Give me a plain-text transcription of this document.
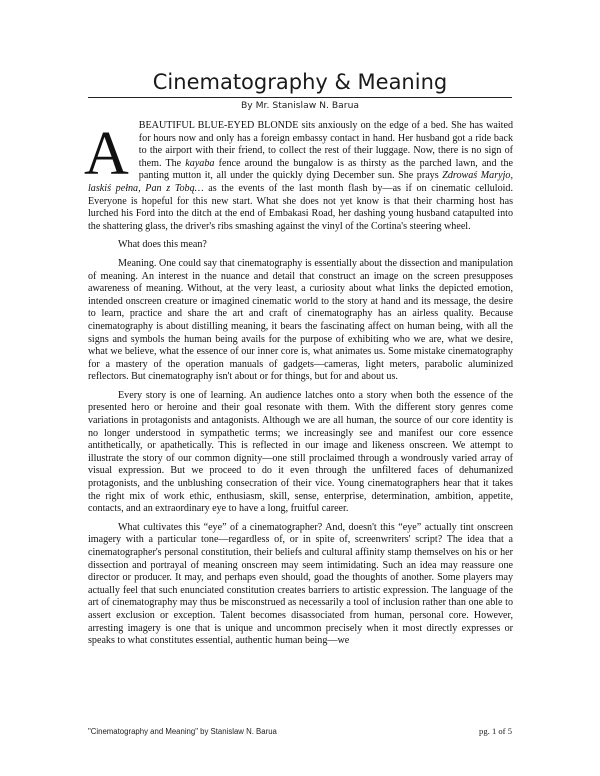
Cinematography & Meaning
By Mr. Stanislaw N. Barua

ABEAUTIFUL BLUE-EYED BLONDE sits anxiously on the edge of a bed. She has waited for hours now and only has a foreign embassy contact in hand. Her husband got a ride back to the airport with their friend, to collect the rest of their luggage. Now, there is no sign of them. The kayaba fence around the bungalow is as thirsty as the parched lawn, and the panting mutton it, all under the quickly dying December sun. She prays Zdrowaś Maryjo, laskiś pełna, Pan z Tobą… as the events of the last month flash by—as if on cinematic celluloid. Everyone is hopeful for this new start. What she does not yet know is that their charming host has lurched his Ford into the ditch at the end of Embakasi Road, her dashing young husband catapulted into the shattering glass, the driver's ribs smashing against the vinyl of the Cortina's steering wheel.

What does this mean?

Meaning. One could say that cinematography is essentially about the dissection and manipulation of meaning. An interest in the nuance and detail that construct an image on the screen presupposes awareness of meaning. Without, at the very least, a curiosity about what links the depicted emotion, intended onscreen creature or imagined cinematic world to the story at hand and its message, the desire to learn, practice and share the art and craft of cinematography has an airless quality. Because cinematography is about distilling meaning, it bears the fascinating affect on human being, with all the signs and symbols the human being avails for the purpose of exhibiting who we are, what we desire, what we believe, what the essence of our inner core is, what animates us. Some mistake cinematography for a mastery of the operation manuals of gadgets—cameras, light meters, parabolic aluminized reflectors. But cinematography isn't about or for things, but for and about us.

Every story is one of learning. An audience latches onto a story when both the essence of the presented hero or heroine and their goal resonate with them. With the different story genres come variations in protagonists and antagonists. Although we are all human, the source of our core identity is no longer understood in sympathetic terms; we increasingly see and manifest our core essence antithetically, or apathetically. This is reflected in our image and likeness onscreen. We attempt to illustrate the story of our common dignity—one still proclaimed through a wondrously varied array of visual expression. But we proceed to do it even through the unfiltered faces of dehumanized protagonists, and the unblushing consecration of their vice. Young cinematographers hear that it takes the right mix of work ethic, enthusiasm, skill, sense, enterprise, determination, ambition, appetite, contacts, and an extraordinary eye to have a long, fruitful career.

What cultivates this “eye” of a cinematographer? And, doesn't this “eye” actually tint onscreen imagery with a particular tone—regardless of, or in spite of, screenwriters' script? The idea that a cinematographer's personal constitution, their beliefs and cultural affinity stamp themselves on his or her dissection and portrayal of meaning onscreen may seem intimidating. Such an idea may reassure one director or producer. It may, and perhaps even should, goad the thoughts of another. Some players may actually feel that such enunciated constitution creates barriers to artistic expression. The language of the art of cinematography may thus be misconstrued as necessarily a tool of inclusion rather than one able to assert exclusion or exception. Talent becomes disassociated from human, personal core. However, arresting imagery is one that is unique and uncommon precisely when it most directly expresses or speaks to what constitutes essential, authentic human being—we

"Cinematography and Meaning" by Stanislaw N. Barua	pg. 1 of 5
